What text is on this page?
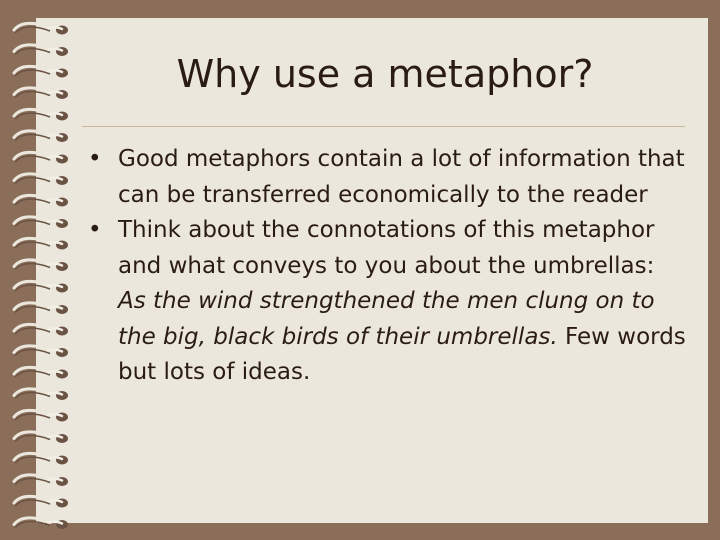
Why use a metaphor?
• Good metaphors contain a lot of information that can be transferred economically to the reader
• Think about the connotations of this metaphor and what conveys to you about the umbrellas: As the wind strengthened the men clung on to the big, black birds of their umbrellas. Few words but lots of ideas.
